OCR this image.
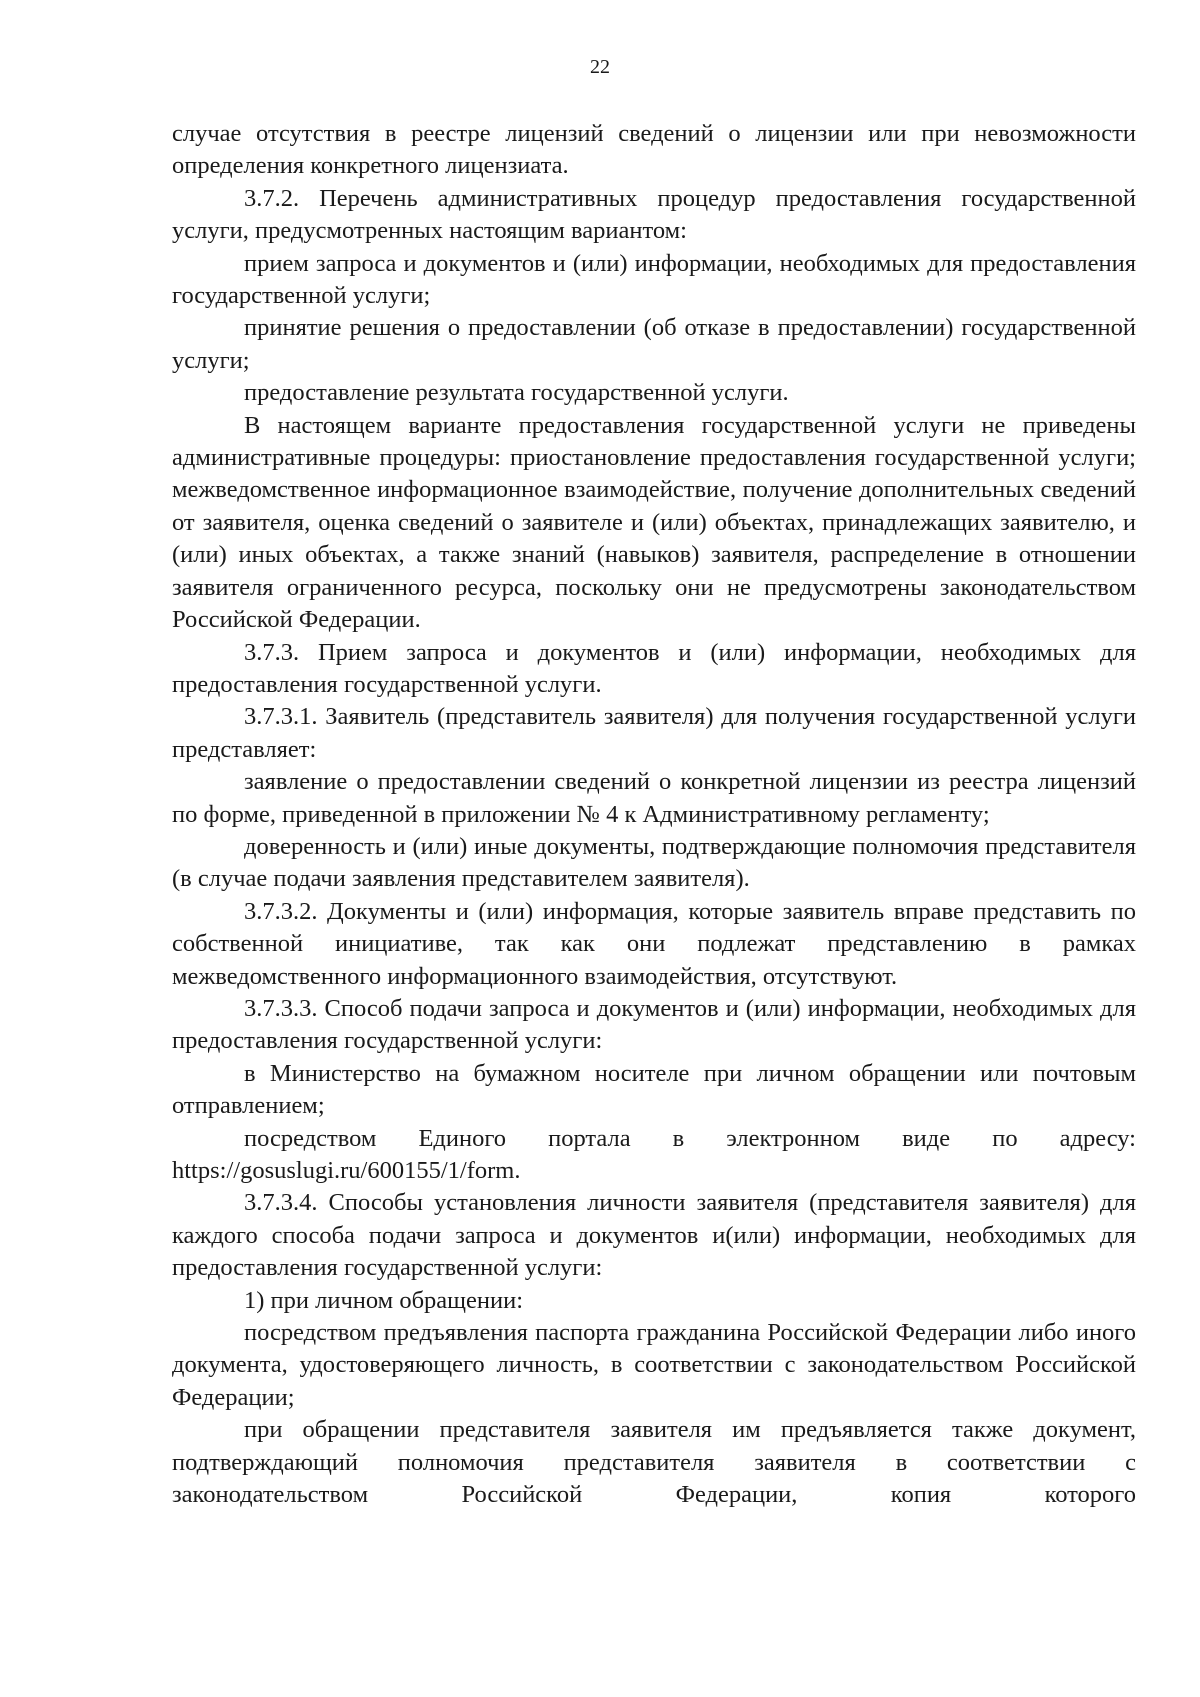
22

случае отсутствия в реестре лицензий сведений о лицензии или при невозможности определения конкретного лицензиата.

3.7.2. Перечень административных процедур предоставления государственной услуги, предусмотренных настоящим вариантом:

прием запроса и документов и (или) информации, необходимых для предоставления государственной услуги;

принятие решения о предоставлении (об отказе в предоставлении) государственной услуги;

предоставление результата государственной услуги.

В настоящем варианте предоставления государственной услуги не приведены административные процедуры: приостановление предоставления государственной услуги; межведомственное информационное взаимодействие, получение дополнительных сведений от заявителя, оценка сведений о заявителе и (или) объектах, принадлежащих заявителю, и (или) иных объектах, а также знаний (навыков) заявителя, распределение в отношении заявителя ограниченного ресурса, поскольку они не предусмотрены законодательством Российской Федерации.

3.7.3. Прием запроса и документов и (или) информации, необходимых для предоставления государственной услуги.

3.7.3.1. Заявитель (представитель заявителя) для получения государственной услуги представляет:

заявление о предоставлении сведений о конкретной лицензии из реестра лицензий по форме, приведенной в приложении № 4 к Административному регламенту;

доверенность и (или) иные документы, подтверждающие полномочия представителя (в случае подачи заявления представителем заявителя).

3.7.3.2. Документы и (или) информация, которые заявитель вправе представить по собственной инициативе, так как они подлежат представлению в рамках межведомственного информационного взаимодействия, отсутствуют.

3.7.3.3. Способ подачи запроса и документов и (или) информации, необходимых для предоставления государственной услуги:

в Министерство на бумажном носителе при личном обращении или почтовым отправлением;

посредством Единого портала в электронном виде по адресу: https://gosuslugi.ru/600155/1/form.

3.7.3.4. Способы установления личности заявителя (представителя заявителя) для каждого способа подачи запроса и документов и(или) информации, необходимых для предоставления государственной услуги:

1) при личном обращении:

посредством предъявления паспорта гражданина Российской Федерации либо иного документа, удостоверяющего личность, в соответствии с законодательством Российской Федерации;

при обращении представителя заявителя им предъявляется также документ, подтверждающий полномочия представителя заявителя в соответствии с законодательством Российской Федерации, копия которого
